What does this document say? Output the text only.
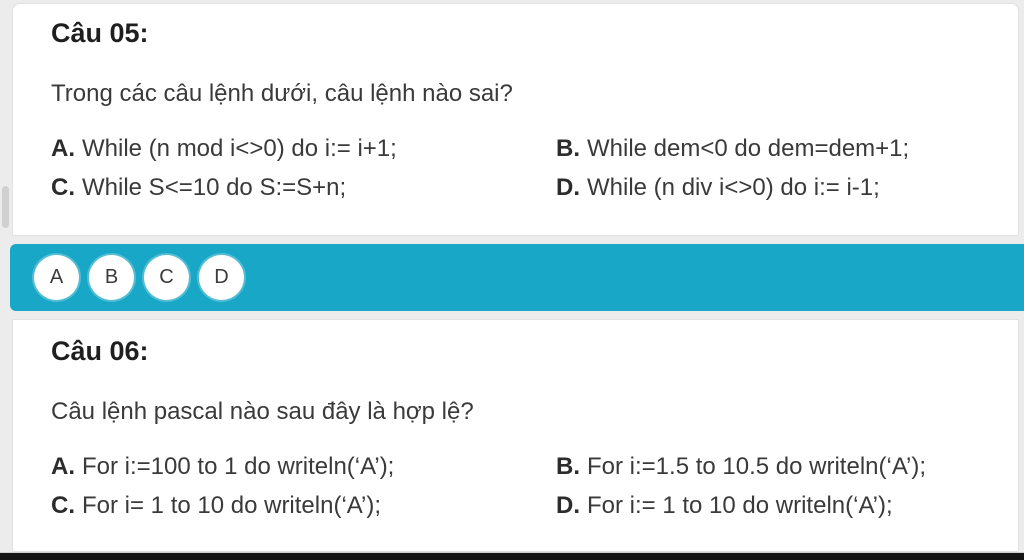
Câu 05:

Trong các câu lệnh dưới, câu lệnh nào sai?

A. While (n mod i<>0) do i:= i+1;	B. While dem<0 do dem=dem+1;
C. While S<=10 do S:=S+n;	D. While (n div i<>0) do i:= i-1;
A	B	C	D
Câu 06:

Câu lệnh pascal nào sau đây là hợp lệ?

A. For i:=100 to 1 do writeln(‘A’);	B. For i:=1.5 to 10.5 do writeln(‘A’);
C. For i= 1 to 10 do writeln(‘A’);	D. For i:= 1 to 10 do writeln(‘A’);
